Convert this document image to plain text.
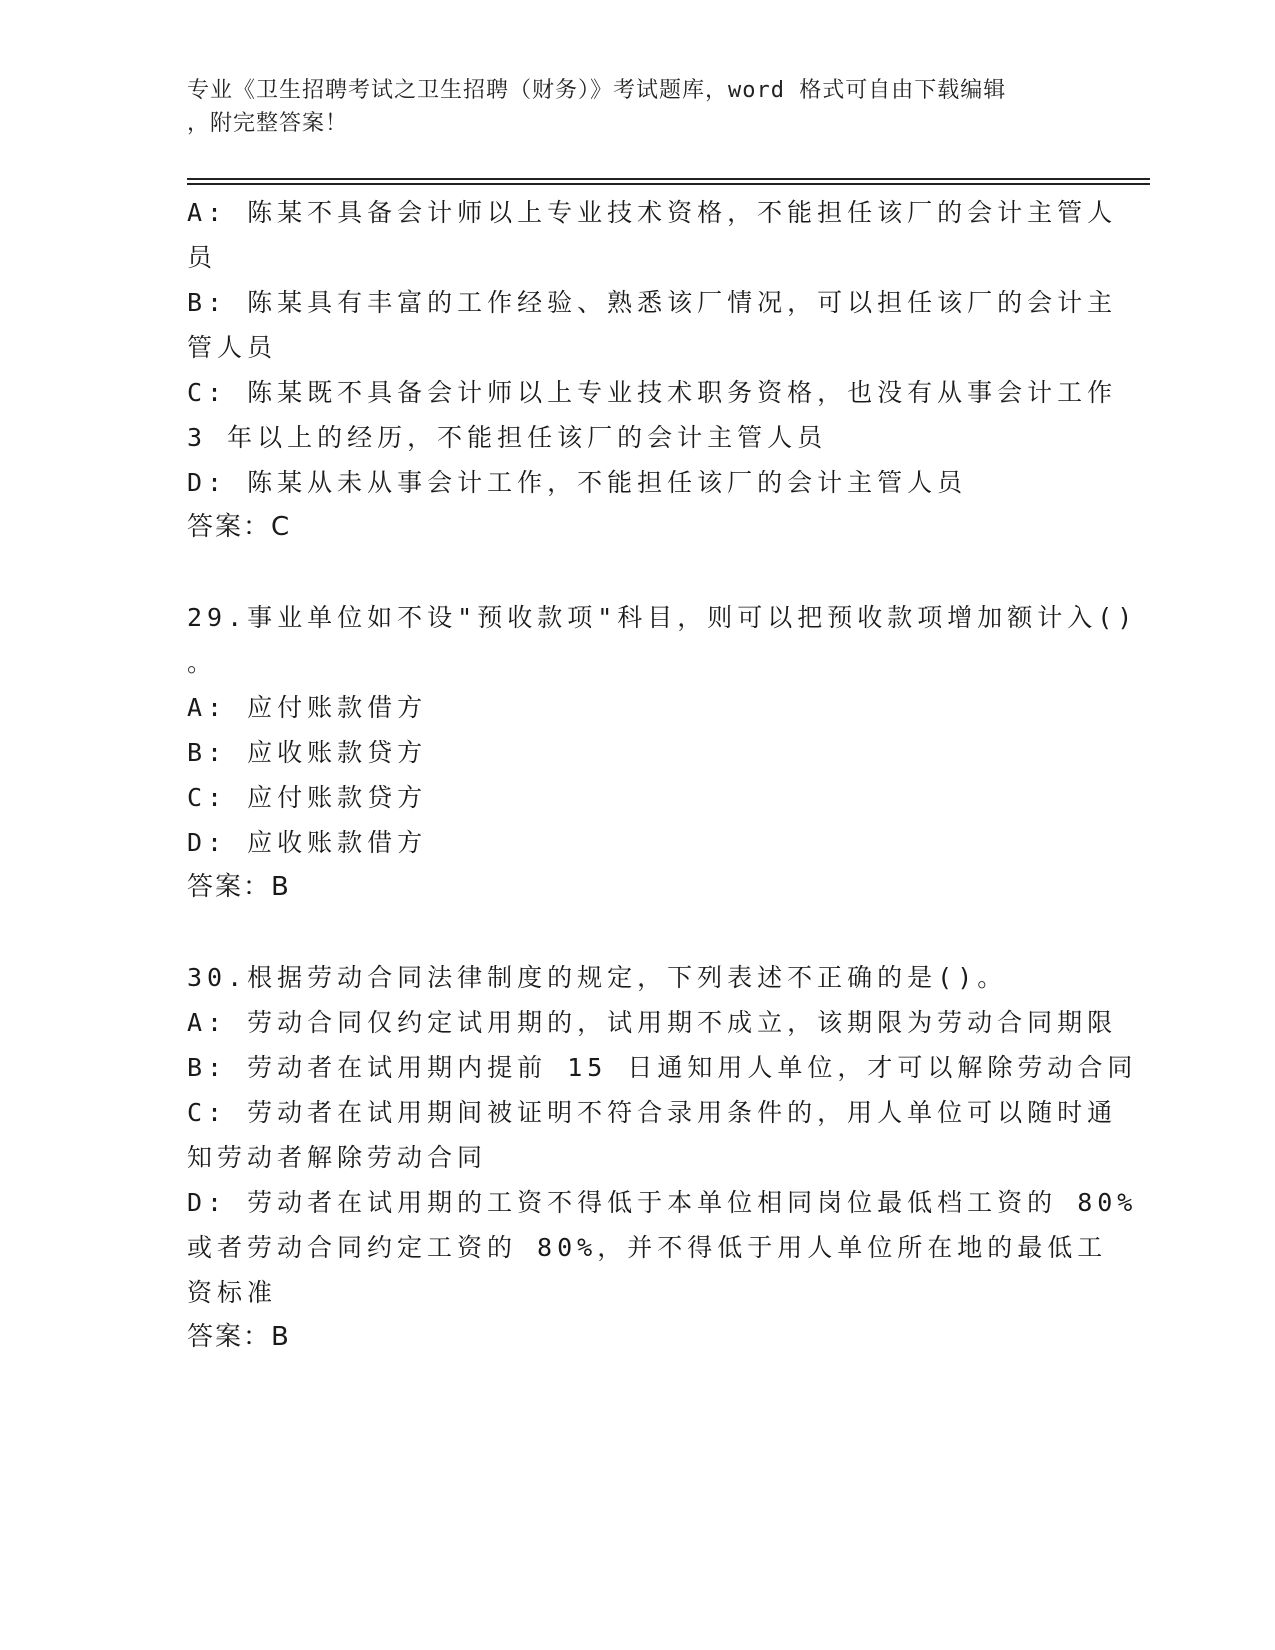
专业《卫生招聘考试之卫生招聘（财务）》考试题库，word 格式可自由下载编辑
，附完整答案！
A: 陈某不具备会计师以上专业技术资格，不能担任该厂的会计主管人
员
B: 陈某具有丰富的工作经验、熟悉该厂情况，可以担任该厂的会计主
管人员
C: 陈某既不具备会计师以上专业技术职务资格，也没有从事会计工作
3 年以上的经历，不能担任该厂的会计主管人员
D: 陈某从未从事会计工作，不能担任该厂的会计主管人员
答案：C
29.事业单位如不设"预收款项"科目，则可以把预收款项增加额计入()
。
A: 应付账款借方
B: 应收账款贷方
C: 应付账款贷方
D: 应收账款借方
答案：B
30.根据劳动合同法律制度的规定，下列表述不正确的是()。
A: 劳动合同仅约定试用期的，试用期不成立，该期限为劳动合同期限
B: 劳动者在试用期内提前 15 日通知用人单位，才可以解除劳动合同
C: 劳动者在试用期间被证明不符合录用条件的，用人单位可以随时通
知劳动者解除劳动合同
D: 劳动者在试用期的工资不得低于本单位相同岗位最低档工资的 80%
或者劳动合同约定工资的 80%，并不得低于用人单位所在地的最低工
资标准
答案：B
